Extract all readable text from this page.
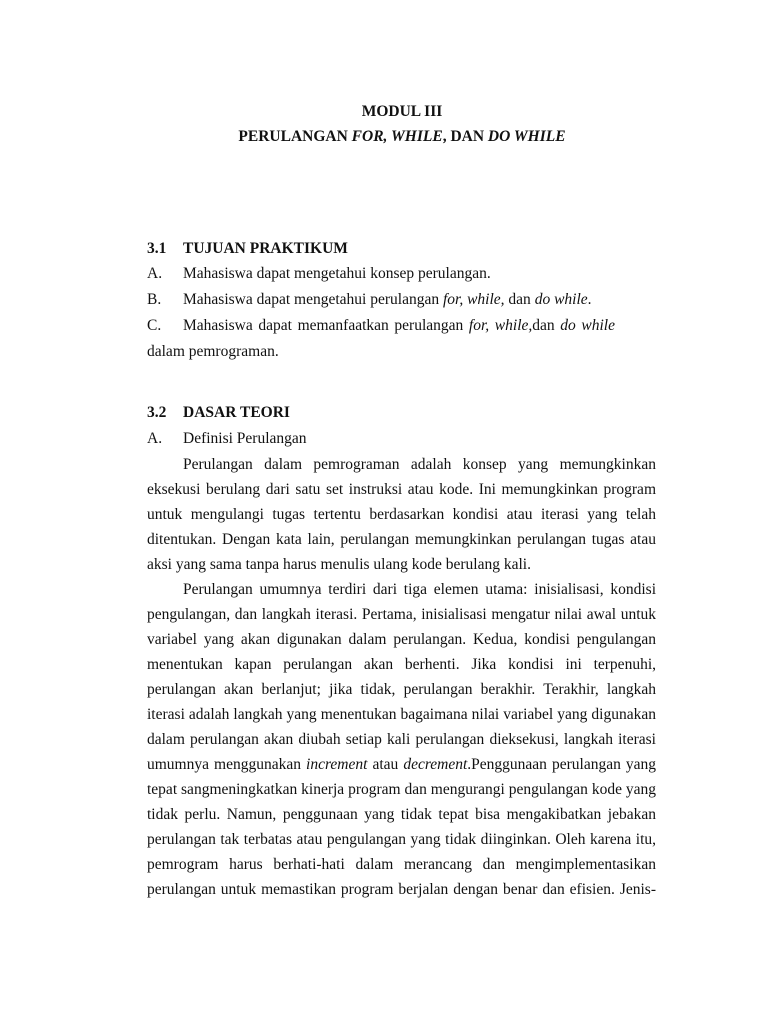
MODUL III
PERULANGAN FOR, WHILE, DAN DO WHILE
3.1 TUJUAN PRAKTIKUM
A. Mahasiswa dapat mengetahui konsep perulangan.
B. Mahasiswa dapat mengetahui perulangan for, while, dan do while.
C. Mahasiswa dapat memanfaatkan perulangan for, while,dan do while
dalam pemrograman.
3.2 DASAR TEORI
A. Definisi Perulangan
Perulangan dalam pemrograman adalah konsep yang memungkinkan
eksekusi berulang dari satu set instruksi atau kode. Ini memungkinkan program
untuk mengulangi tugas tertentu berdasarkan kondisi atau iterasi yang telah
ditentukan. Dengan kata lain, perulangan memungkinkan perulangan tugas atau
aksi yang sama tanpa harus menulis ulang kode berulang kali.
Perulangan umumnya terdiri dari tiga elemen utama: inisialisasi, kondisi
pengulangan, dan langkah iterasi. Pertama, inisialisasi mengatur nilai awal untuk
variabel yang akan digunakan dalam perulangan. Kedua, kondisi pengulangan
menentukan kapan perulangan akan berhenti. Jika kondisi ini terpenuhi,
perulangan akan berlanjut; jika tidak, perulangan berakhir. Terakhir, langkah
iterasi adalah langkah yang menentukan bagaimana nilai variabel yang digunakan
dalam perulangan akan diubah setiap kali perulangan dieksekusi, langkah iterasi
umumnya menggunakan increment atau decrement.Penggunaan perulangan yang
tepat sangmeningkatkan kinerja program dan mengurangi pengulangan kode yang
tidak perlu. Namun, penggunaan yang tidak tepat bisa mengakibatkan jebakan
perulangan tak terbatas atau pengulangan yang tidak diinginkan. Oleh karena itu,
pemrogram harus berhati-hati dalam merancang dan mengimplementasikan
perulangan untuk memastikan program berjalan dengan benar dan efisien. Jenis-
